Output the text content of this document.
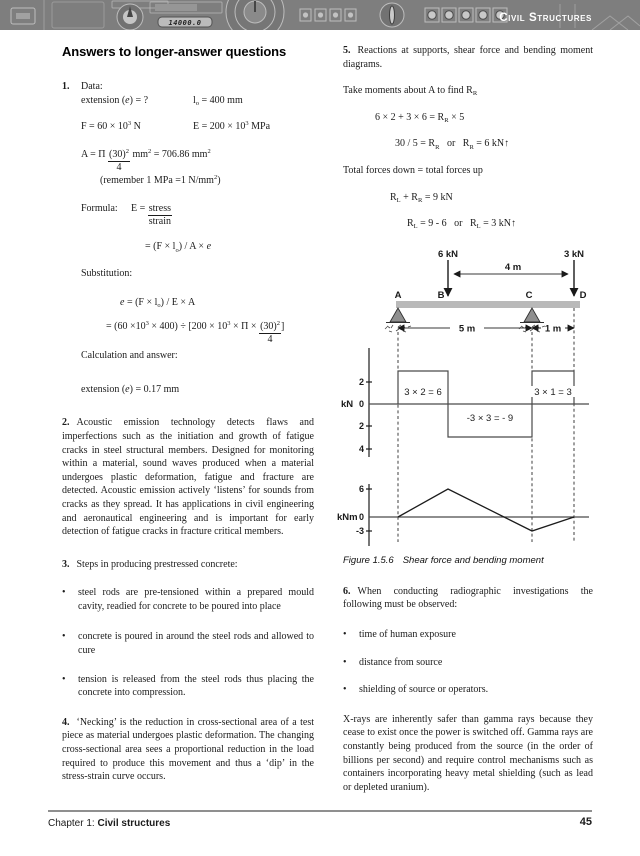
14000.0	Civil Structures
Answers to longer-answer questions
1.	Data:
extension (e) = ?	$l_o = 400$ mm
$F = 60 \times 10^3$ N	$E = 200 \times 10^3$ MPa
A = Π $\frac{(30)^2}{4} mm^2 = 706.86$ $mm^2$
(remember 1 MPa =1 $N/mm^2$)
Formula: $E = \frac{\text{stress}}{\text{strain}}$
= $(F \times l_o) / A \times e$
Substitution:
$e = (F \times l_o) / E \times A$
= $(60 \times 10^3 \times 400) \div [200 \times 10^3 \times \Pi \times \frac{(30)^2}{4}$ ]
Calculation and answer:
extension (e) = 0.17 mm

2. Acoustic emission technology detects flaws and imperfections such as the initiation and growth of fatigue cracks in steel structural members. Designed for monitoring within a material, sound waves produced when a material undergoes plastic deformation, fatigue and fracture are detected. Acoustic emission actively ‘listens’ for sounds from cracks as they spread. It has applications in civil engineering and aeronautical engineering and is important for early detection of fatigue cracks in fracture critical members.

3. Steps in producing prestressed concrete:

•	steel rods are pre-tensioned within a prepared mould cavity, readied for concrete to be poured into place
•	concrete is poured in around the steel rods and allowed to cure
•	tension is released from the steel rods thus placing the concrete into compression.

4. ‘Necking’ is the reduction in cross-sectional area of a test piece as material undergoes plastic deformation. The changing cross-sectional area sees a proportional reduction in the load required to produce this movement and thus a ‘dip’ in the stress-strain curve occurs.

5. Reactions at supports, shear force and bending moment diagrams.

Take moments about A to find $R_R$
$6 \times 2 + 3 \times 6 = R_R \times 5$
$30 / 5 = R_R$   or   $R_R = 6$ kN↑
Total forces down = total forces up
$R_L + R_R = 9$ kN
$R_L = 9 - 6$   or   $R_L = 3$ kN↑
6 kN	3 kN
4 m
A	B	C	D
5 m	1 m
2
0
2
4
kN
3 × 2 = 6
-3 × 3 = - 9
3 × 1 = 3
6
0
-3
kNm

Figure 1.5.6 Shear force and bending moment

6. When conducting radiographic investigations the following must be observed:

•	time of human exposure
•	distance from source
•	shielding of source or operators.

X-rays are inherently safer than gamma rays because they cease to exist once the power is switched off. Gamma rays are constantly being produced from the source (in the order of billions per second) and require control mechanisms such as containers incorporating heavy metal shielding (such as lead or depleted uranium).

Chapter 1: Civil structures	45
